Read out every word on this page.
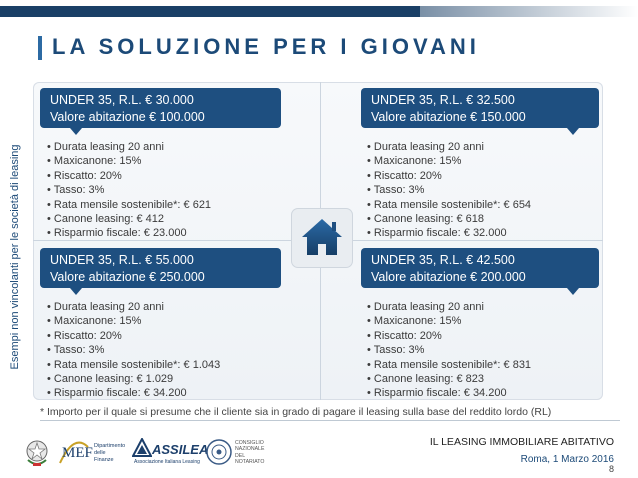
LA SOLUZIONE PER I GIOVANI
Esempi non vincolanti per le società di leasing
UNDER 35, R.L. € 30.000
Valore abitazione € 100.000
• Durata leasing 20 anni
• Maxicanone: 15%
• Riscatto: 20%
• Tasso: 3%
• Rata mensile sostenibile*: € 621
• Canone leasing: € 412
• Risparmio fiscale: € 23.000
UNDER 35, R.L. € 32.500
Valore abitazione € 150.000
• Durata leasing 20 anni
• Maxicanone: 15%
• Riscatto: 20%
• Tasso: 3%
• Rata mensile sostenibile*: € 654
• Canone leasing: € 618
• Risparmio fiscale: € 32.000
UNDER 35, R.L. € 55.000
Valore abitazione € 250.000
• Durata leasing 20 anni
• Maxicanone: 15%
• Riscatto: 20%
• Tasso: 3%
• Rata mensile sostenibile*: € 1.043
• Canone leasing: € 1.029
• Risparmio fiscale: € 34.200
UNDER 35, R.L. € 42.500
Valore abitazione € 200.000
• Durata leasing 20 anni
• Maxicanone: 15%
• Riscatto: 20%
• Tasso: 3%
• Rata mensile sostenibile*: € 831
• Canone leasing: € 823
• Risparmio fiscale: € 34.200
* Importo per il quale si presume che il cliente sia in grado di pagare il leasing sulla base del reddito lordo (RL)
MEF Dipartimento
delle Finanze
ASSILEA
Associazione Italiana Leasing
CONSIGLIO
NAZIONALE
DEL
NOTARIATO
IL LEASING IMMOBILIARE ABITATIVO
Roma, 1 Marzo 2016
8
